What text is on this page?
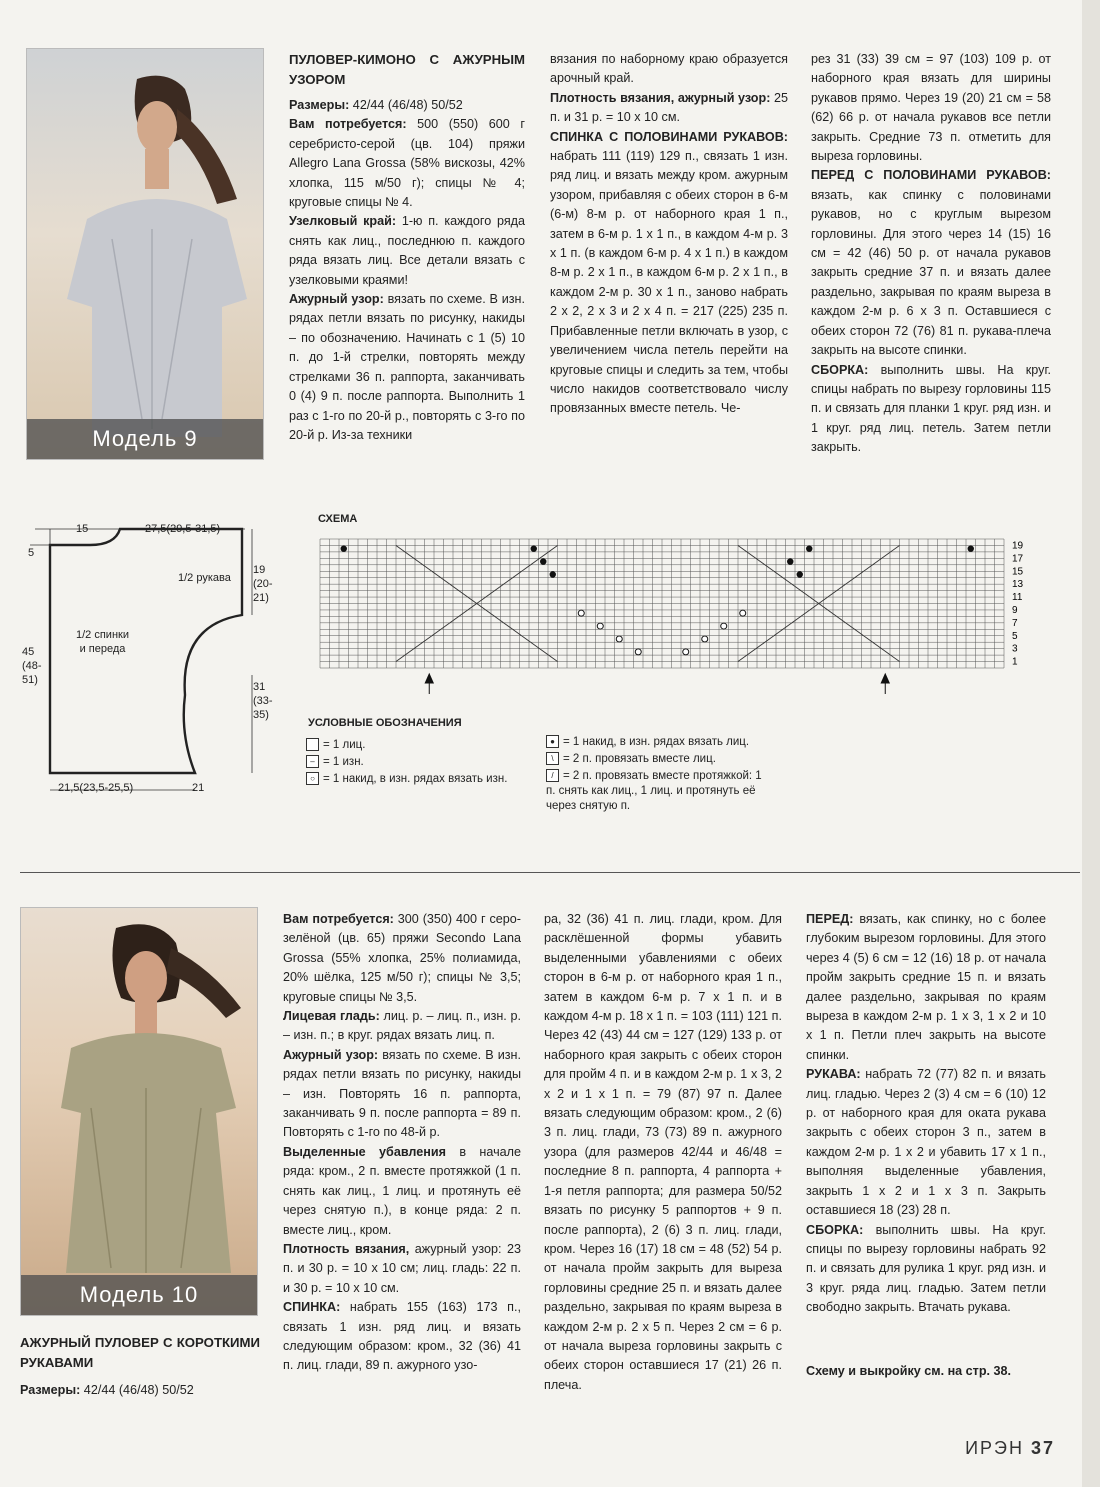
Модель 9
ПУЛОВЕР-КИМОНО С АЖУРНЫМ УЗОРОМ

Размеры: 42/44 (46/48) 50/52

Вам потребуется: 500 (550) 600 г серебристо-серой (цв. 104) пряжи Allegro Lana Grossa (58% вискозы, 42% хлопка, 115 м/50 г); спицы № 4; круговые спицы № 4.

Узелковый край: 1-ю п. каждого ряда снять как лиц., последнюю п. каждого ряда вязать лиц. Все детали вязать с узелковыми краями!

Ажурный узор: вязать по схеме. В изн. рядах петли вязать по рисунку, накиды – по обозначению. Начинать с 1 (5) 10 п. до 1-й стрелки, повторять между стрелками 36 п. раппорта, заканчивать 0 (4) 9 п. после раппорта. Выполнить 1 раз с 1-го по 20-й р., повторять с 3-го по 20-й р. Из-за техники

вязания по наборному краю образуется арочный край.

Плотность вязания, ажурный узор: 25 п. и 31 р. = 10 х 10 см.

СПИНКА С ПОЛОВИНАМИ РУКАВОВ: набрать 111 (119) 129 п., связать 1 изн. ряд лиц. и вязать между кром. ажурным узором, прибавляя с обеих сторон в 6-м (6-м) 8-м р. от наборного края 1 п., затем в 6-м р. 1 х 1 п., в каждом 4-м р. 3 х 1 п. (в каждом 6-м р. 4 х 1 п.) в каждом 8-м р. 2 х 1 п., в каждом 6-м р. 2 х 1 п., в каждом 2-м р. 30 х 1 п., заново набрать 2 х 2, 2 х 3 и 2 х 4 п. = 217 (225) 235 п. Прибавленные петли включать в узор, с увеличением числа петель перейти на круговые спицы и следить за тем, чтобы число накидов соответствовало числу провязанных вместе петель. Че-

рез 31 (33) 39 см = 97 (103) 109 р. от наборного края вязать для ширины рукавов прямо. Через 19 (20) 21 см = 58 (62) 66 р. от начала рукавов все петли закрыть. Средние 73 п. отметить для выреза горловины.

ПЕРЕД С ПОЛОВИНАМИ РУКАВОВ: вязать, как спинку с половинами рукавов, но с круглым вырезом горловины. Для этого через 14 (15) 16 см = 42 (46) 50 р. от начала рукавов закрыть средние 37 п. и вязать далее раздельно, закрывая по краям выреза в каждом 2-м р. 6 х 3 п. Оставшиеся с обеих сторон 72 (76) 81 п. рукава-плеча закрыть на высоте спинки.

СБОРКА: выполнить швы. На круг. спицы набрать по вырезу горловины 115 п. и связать для планки 1 круг. ряд изн. и 1 круг. ряд лиц. петель. Затем петли закрыть.

15	27,5(29,5-31,5)
5
19
(20-
21)
1/2 рукава
1/2 спинки
и переда
45
(48-
51)
31
(33-
35)
21,5(23,5-25,5)	21
СХЕМА
19
17
15
13
11
9
7
5
3
1
УСЛОВНЫЕ ОБОЗНАЧЕНИЯ
= 1 лиц.
– = 1 изн.
○ = 1 накид, в изн. рядах вязать изн.
● = 1 накид, в изн. рядах вязать лиц.
\ = 2 п. провязать вместе лиц.
/ = 2 п. провязать вместе протяжкой: 1 п. снять как лиц., 1 лиц. и протянуть её через снятую п.
Модель 10
АЖУРНЫЙ ПУЛОВЕР С КОРОТКИМИ РУКАВАМИ

Размеры: 42/44 (46/48) 50/52

Вам потребуется: 300 (350) 400 г серо-зелёной (цв. 65) пряжи Secondo Lana Grossa (55% хлопка, 25% полиамида, 20% шёлка, 125 м/50 г); спицы № 3,5; круговые спицы № 3,5.

Лицевая гладь: лиц. р. – лиц. п., изн. р. – изн. п.; в круг. рядах вязать лиц. п.

Ажурный узор: вязать по схеме. В изн. рядах петли вязать по рисунку, накиды – изн. Повторять 16 п. раппорта, заканчивать 9 п. после раппорта = 89 п. Повторять с 1-го по 48-й р.

Выделенные убавления в начале ряда: кром., 2 п. вместе протяжкой (1 п. снять как лиц., 1 лиц. и протянуть её через снятую п.), в конце ряда: 2 п. вместе лиц., кром.

Плотность вязания, ажурный узор: 23 п. и 30 р. = 10 х 10 см; лиц. гладь: 22 п. и 30 р. = 10 х 10 см.

СПИНКА: набрать 155 (163) 173 п., связать 1 изн. ряд лиц. и вязать следующим образом: кром., 32 (36) 41 п. лиц. глади, 89 п. ажурного узо-

ра, 32 (36) 41 п. лиц. глади, кром. Для расклёшенной формы убавить выделенными убавлениями с обеих сторон в 6-м р. от наборного края 1 п., затем в каждом 6-м р. 7 х 1 п. и в каждом 4-м р. 18 х 1 п. = 103 (111) 121 п. Через 42 (43) 44 см = 127 (129) 133 р. от наборного края закрыть с обеих сторон для пройм 4 п. и в каждом 2-м р. 1 х 3, 2 х 2 и 1 х 1 п. = 79 (87) 97 п. Далее вязать следующим образом: кром., 2 (6) 3 п. лиц. глади, 73 (73) 89 п. ажурного узора (для размеров 42/44 и 46/48 = последние 8 п. раппорта, 4 раппорта + 1-я петля раппорта; для размера 50/52 вязать по рисунку 5 раппортов + 9 п. после раппорта), 2 (6) 3 п. лиц. глади, кром. Через 16 (17) 18 см = 48 (52) 54 р. от начала пройм закрыть для выреза горловины средние 25 п. и вязать далее раздельно, закрывая по краям выреза в каждом 2-м р. 2 х 5 п. Через 2 см = 6 р. от начала выреза горловины закрыть с обеих сторон оставшиеся 17 (21) 26 п. плеча.

ПЕРЕД: вязать, как спинку, но с более глубоким вырезом горловины. Для этого через 4 (5) 6 см = 12 (16) 18 р. от начала пройм закрыть средние 15 п. и вязать далее раздельно, закрывая по краям выреза в каждом 2-м р. 1 х 3, 1 х 2 и 10 х 1 п. Петли плеч закрыть на высоте спинки.

РУКАВА: набрать 72 (77) 82 п. и вязать лиц. гладью. Через 2 (3) 4 см = 6 (10) 12 р. от наборного края для оката рукава закрыть с обеих сторон 3 п., затем в каждом 2-м р. 1 х 2 и убавить 17 х 1 п., выполняя выделенные убавления, закрыть 1 х 2 и 1 х 3 п. Закрыть оставшиеся 18 (23) 28 п.

СБОРКА: выполнить швы. На круг. спицы по вырезу горловины набрать 92 п. и связать для рулика 1 круг. ряд изн. и 3 круг. ряда лиц. гладью. Затем петли свободно закрыть. Втачать рукава.

Схему и выкройку см. на стр. 38.

ИРЭН 37
